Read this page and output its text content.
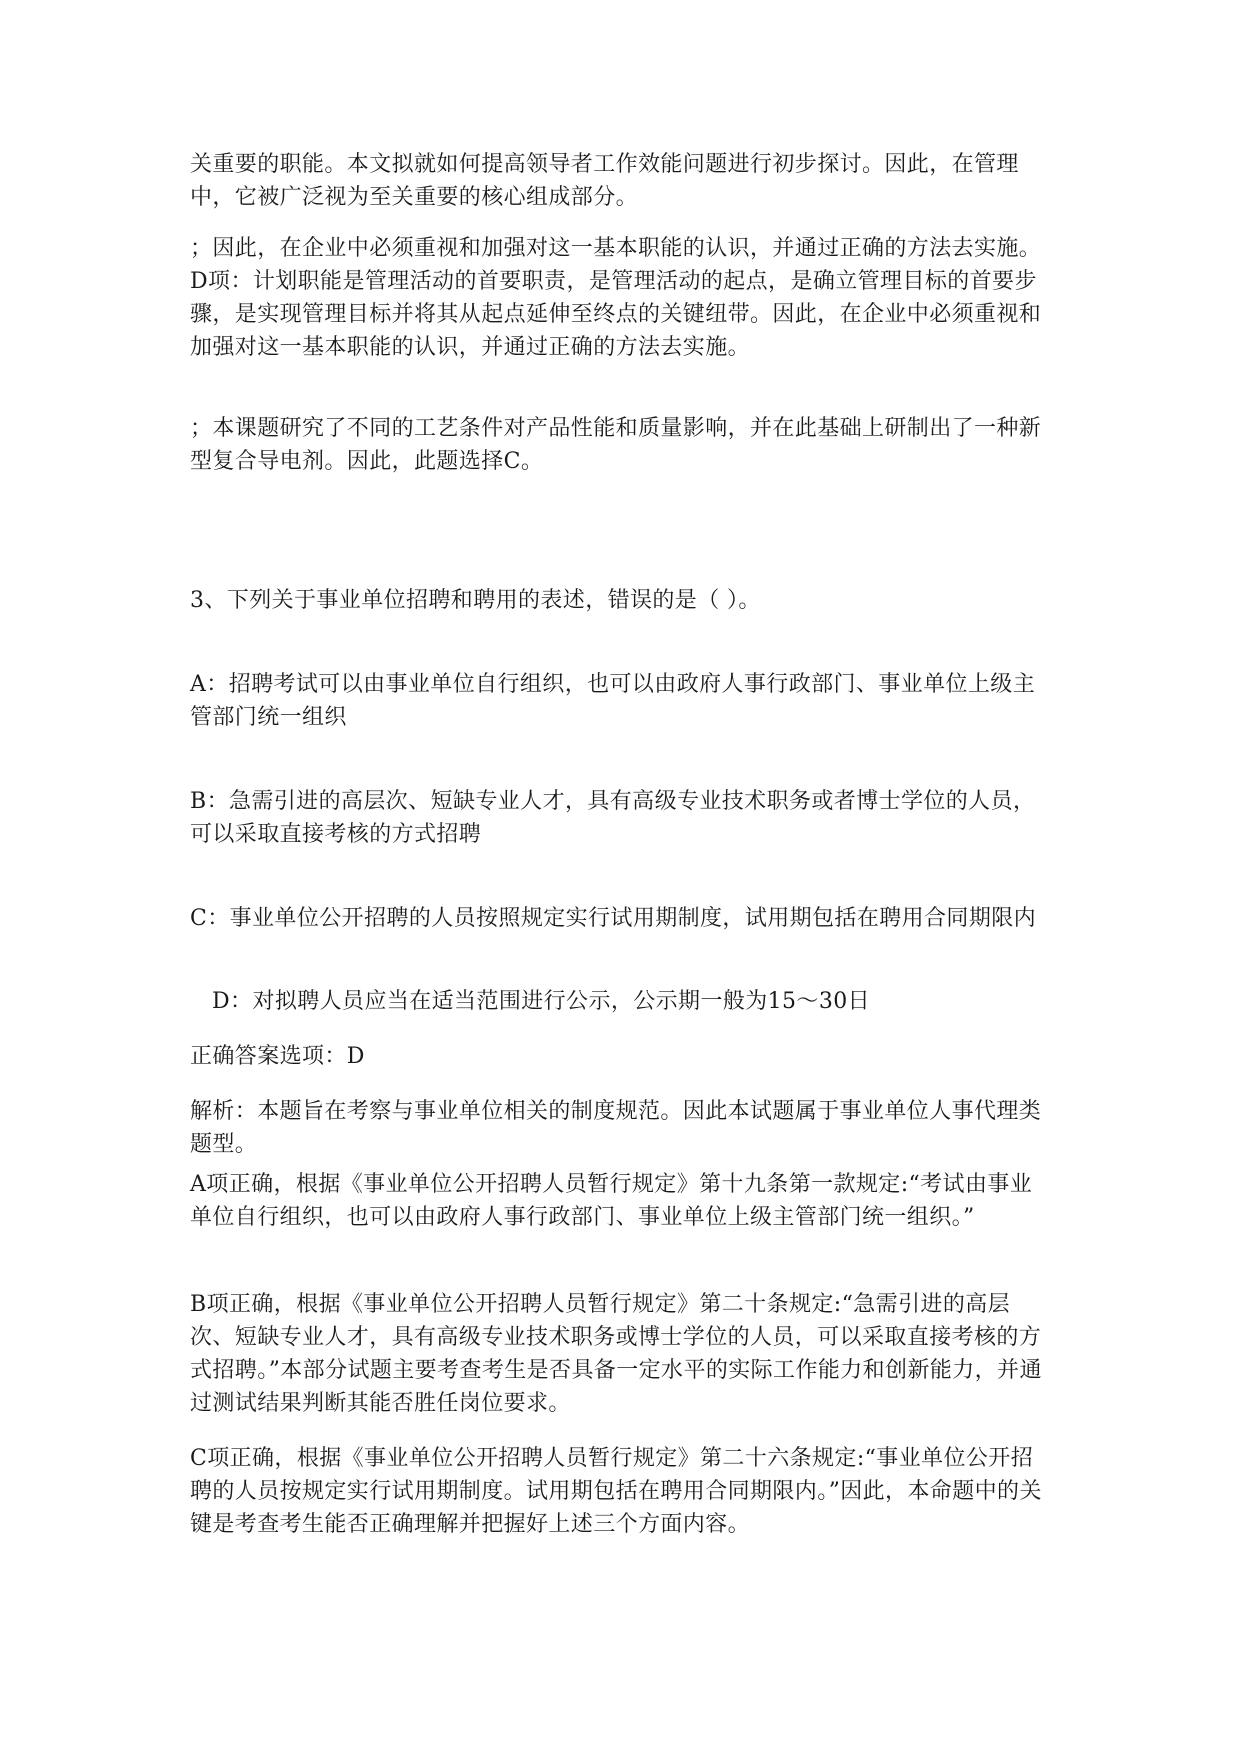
关重要的职能。本文拟就如何提高领导者工作效能问题进行初步探讨。因此，在管理中，它被广泛视为至关重要的核心组成部分。

；因此，在企业中必须重视和加强对这一基本职能的认识，并通过正确的方法去实施。D项：计划职能是管理活动的首要职责，是管理活动的起点，是确立管理目标的首要步骤，是实现管理目标并将其从起点延伸至终点的关键纽带。因此，在企业中必须重视和加强对这一基本职能的认识，并通过正确的方法去实施。

；本课题研究了不同的工艺条件对产品性能和质量影响，并在此基础上研制出了一种新型复合导电剂。因此，此题选择C。

3、下列关于事业单位招聘和聘用的表述，错误的是（ ）。

A：招聘考试可以由事业单位自行组织，也可以由政府人事行政部门、事业单位上级主管部门统一组织

B：急需引进的高层次、短缺专业人才，具有高级专业技术职务或者博士学位的人员，可以采取直接考核的方式招聘

C：事业单位公开招聘的人员按照规定实行试用期制度，试用期包括在聘用合同期限内

D：对拟聘人员应当在适当范围进行公示，公示期一般为15～30日

正确答案选项：D

解析：本题旨在考察与事业单位相关的制度规范。因此本试题属于事业单位人事代理类题型。

A项正确，根据《事业单位公开招聘人员暂行规定》第十九条第一款规定:“考试由事业单位自行组织，也可以由政府人事行政部门、事业单位上级主管部门统一组织。”

B项正确，根据《事业单位公开招聘人员暂行规定》第二十条规定:“急需引进的高层次、短缺专业人才，具有高级专业技术职务或博士学位的人员，可以采取直接考核的方式招聘。”本部分试题主要考查考生是否具备一定水平的实际工作能力和创新能力，并通过测试结果判断其能否胜任岗位要求。

C项正确，根据《事业单位公开招聘人员暂行规定》第二十六条规定:“事业单位公开招聘的人员按规定实行试用期制度。试用期包括在聘用合同期限内。”因此，本命题中的关键是考查考生能否正确理解并把握好上述三个方面内容。
